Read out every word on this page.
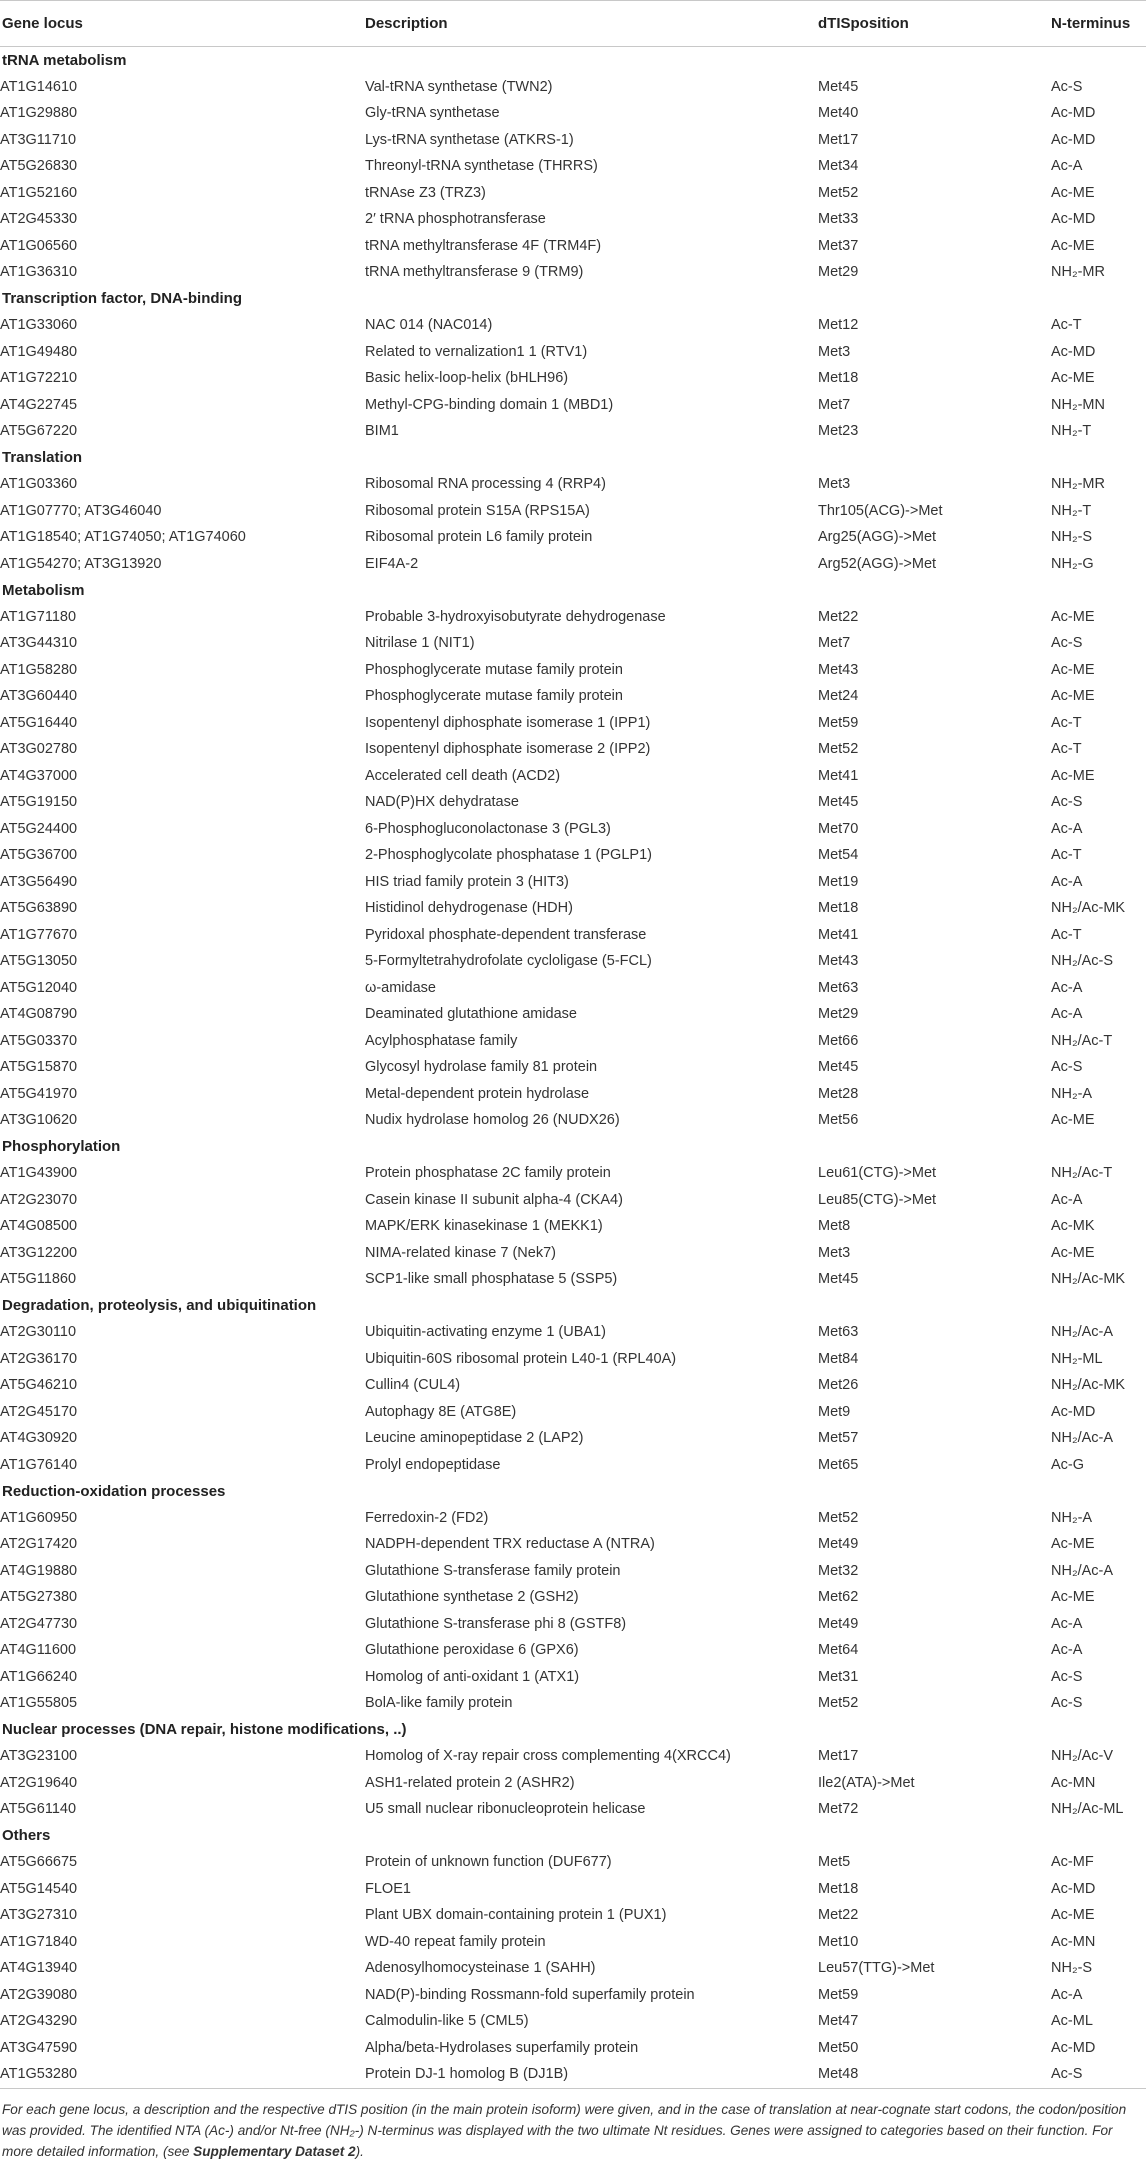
Gene locus	Description	dTISposition	N-terminus
tRNA metabolism			
AT1G14610	Val-tRNA synthetase (TWN2)	Met45	Ac-S
AT1G29880	Gly-tRNA synthetase	Met40	Ac-MD
AT3G11710	Lys-tRNA synthetase (ATKRS-1)	Met17	Ac-MD
AT5G26830	Threonyl-tRNA synthetase (THRRS)	Met34	Ac-A
AT1G52160	tRNAse Z3 (TRZ3)	Met52	Ac-ME
AT2G45330	2′ tRNA phosphotransferase	Met33	Ac-MD
AT1G06560	tRNA methyltransferase 4F (TRM4F)	Met37	Ac-ME
AT1G36310	tRNA methyltransferase 9 (TRM9)	Met29	NH₂-MR
Transcription factor, DNA-binding			
AT1G33060	NAC 014 (NAC014)	Met12	Ac-T
AT1G49480	Related to vernalization1 1 (RTV1)	Met3	Ac-MD
AT1G72210	Basic helix-loop-helix (bHLH96)	Met18	Ac-ME
AT4G22745	Methyl-CPG-binding domain 1 (MBD1)	Met7	NH₂-MN
AT5G67220	BIM1	Met23	NH₂-T
Translation			
AT1G03360	Ribosomal RNA processing 4 (RRP4)	Met3	NH₂-MR
AT1G07770; AT3G46040	Ribosomal protein S15A (RPS15A)	Thr105(ACG)->Met	NH₂-T
AT1G18540; AT1G74050; AT1G74060	Ribosomal protein L6 family protein	Arg25(AGG)->Met	NH₂-S
AT1G54270; AT3G13920	EIF4A-2	Arg52(AGG)->Met	NH₂-G
Metabolism			
AT1G71180	Probable 3-hydroxyisobutyrate dehydrogenase	Met22	Ac-ME
AT3G44310	Nitrilase 1 (NIT1)	Met7	Ac-S
AT1G58280	Phosphoglycerate mutase family protein	Met43	Ac-ME
AT3G60440	Phosphoglycerate mutase family protein	Met24	Ac-ME
AT5G16440	Isopentenyl diphosphate isomerase 1 (IPP1)	Met59	Ac-T
AT3G02780	Isopentenyl diphosphate isomerase 2 (IPP2)	Met52	Ac-T
AT4G37000	Accelerated cell death (ACD2)	Met41	Ac-ME
AT5G19150	NAD(P)HX dehydratase	Met45	Ac-S
AT5G24400	6-Phosphogluconolactonase 3 (PGL3)	Met70	Ac-A
AT5G36700	2-Phosphoglycolate phosphatase 1 (PGLP1)	Met54	Ac-T
AT3G56490	HIS triad family protein 3 (HIT3)	Met19	Ac-A
AT5G63890	Histidinol dehydrogenase (HDH)	Met18	NH₂/Ac-MK
AT1G77670	Pyridoxal phosphate-dependent transferase	Met41	Ac-T
AT5G13050	5-Formyltetrahydrofolate cycloligase (5-FCL)	Met43	NH₂/Ac-S
AT5G12040	ω-amidase	Met63	Ac-A
AT4G08790	Deaminated glutathione amidase	Met29	Ac-A
AT5G03370	Acylphosphatase family	Met66	NH₂/Ac-T
AT5G15870	Glycosyl hydrolase family 81 protein	Met45	Ac-S
AT5G41970	Metal-dependent protein hydrolase	Met28	NH₂-A
AT3G10620	Nudix hydrolase homolog 26 (NUDX26)	Met56	Ac-ME
Phosphorylation			
AT1G43900	Protein phosphatase 2C family protein	Leu61(CTG)->Met	NH₂/Ac-T
AT2G23070	Casein kinase II subunit alpha-4 (CKA4)	Leu85(CTG)->Met	Ac-A
AT4G08500	MAPK/ERK kinasekinase 1 (MEKK1)	Met8	Ac-MK
AT3G12200	NIMA-related kinase 7 (Nek7)	Met3	Ac-ME
AT5G11860	SCP1-like small phosphatase 5 (SSP5)	Met45	NH₂/Ac-MK
Degradation, proteolysis, and ubiquitination			
AT2G30110	Ubiquitin-activating enzyme 1 (UBA1)	Met63	NH₂/Ac-A
AT2G36170	Ubiquitin-60S ribosomal protein L40-1 (RPL40A)	Met84	NH₂-ML
AT5G46210	Cullin4 (CUL4)	Met26	NH₂/Ac-MK
AT2G45170	Autophagy 8E (ATG8E)	Met9	Ac-MD
AT4G30920	Leucine aminopeptidase 2 (LAP2)	Met57	NH₂/Ac-A
AT1G76140	Prolyl endopeptidase	Met65	Ac-G
Reduction-oxidation processes			
AT1G60950	Ferredoxin-2 (FD2)	Met52	NH₂-A
AT2G17420	NADPH-dependent TRX reductase A (NTRA)	Met49	Ac-ME
AT4G19880	Glutathione S-transferase family protein	Met32	NH₂/Ac-A
AT5G27380	Glutathione synthetase 2 (GSH2)	Met62	Ac-ME
AT2G47730	Glutathione S-transferase phi 8 (GSTF8)	Met49	Ac-A
AT4G11600	Glutathione peroxidase 6 (GPX6)	Met64	Ac-A
AT1G66240	Homolog of anti-oxidant 1 (ATX1)	Met31	Ac-S
AT1G55805	BolA-like family protein	Met52	Ac-S
Nuclear processes (DNA repair, histone modifications, ..)			
AT3G23100	Homolog of X-ray repair cross complementing 4(XRCC4)	Met17	NH₂/Ac-V
AT2G19640	ASH1-related protein 2 (ASHR2)	Ile2(ATA)->Met	Ac-MN
AT5G61140	U5 small nuclear ribonucleoprotein helicase	Met72	NH₂/Ac-ML
Others			
AT5G66675	Protein of unknown function (DUF677)	Met5	Ac-MF
AT5G14540	FLOE1	Met18	Ac-MD
AT3G27310	Plant UBX domain-containing protein 1 (PUX1)	Met22	Ac-ME
AT1G71840	WD-40 repeat family protein	Met10	Ac-MN
AT4G13940	Adenosylhomocysteinase 1 (SAHH)	Leu57(TTG)->Met	NH₂-S
AT2G39080	NAD(P)-binding Rossmann-fold superfamily protein	Met59	Ac-A
AT2G43290	Calmodulin-like 5 (CML5)	Met47	Ac-ML
AT3G47590	Alpha/beta-Hydrolases superfamily protein	Met50	Ac-MD
AT1G53280	Protein DJ-1 homolog B (DJ1B)	Met48	Ac-S
For each gene locus, a description and the respective dTIS position (in the main protein isoform) were given, and in the case of translation at near-cognate start codons, the codon/position was provided. The identified NTA (Ac-) and/or Nt-free (NH₂-) N-terminus was displayed with the two ultimate Nt residues. Genes were assigned to categories based on their function. For more detailed information, (see Supplementary Dataset 2).
